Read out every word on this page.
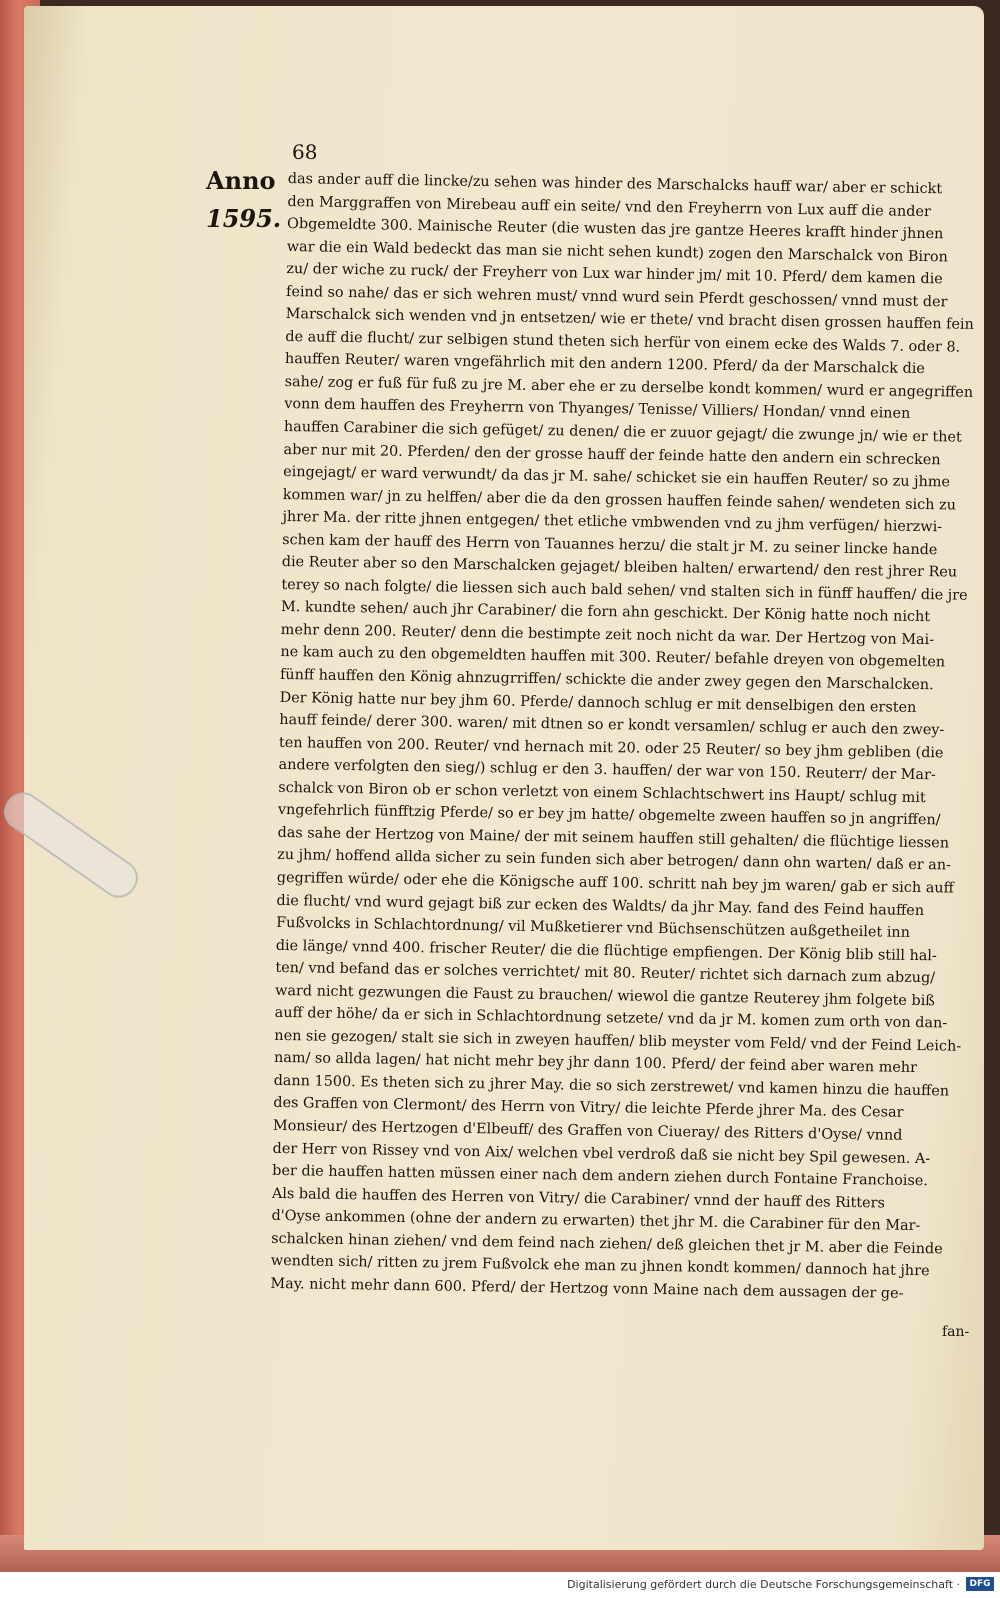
68
Anno
1595.
das ander auff die lincke/zu sehen was hinder des Marschalcks hauff war/ aber er schickt
den Marggraffen von Mirebeau auff ein seite/ vnd den Freyherrn von Lux auff die ander
Obgemeldte 300. Mainische Reuter (die wusten das jre gantze Heeres krafft hinder jhnen
war die ein Wald bedeckt das man sie nicht sehen kundt) zogen den Marschalck von Biron
zu/ der wiche zu ruck/ der Freyherr von Lux war hinder jm/ mit 10. Pferd/ dem kamen die
feind so nahe/ das er sich wehren must/ vnnd wurd sein Pferdt geschossen/ vnnd must der
Marschalck sich wenden vnd jn entsetzen/ wie er thete/ vnd bracht disen grossen hauffen fein
de auff die flucht/ zur selbigen stund theten sich herfür von einem ecke des Walds 7. oder 8.
hauffen Reuter/ waren vngefährlich mit den andern 1200. Pferd/ da der Marschalck die
sahe/ zog er fuß für fuß zu jre M. aber ehe er zu derselbe kondt kommen/ wurd er angegriffen
vonn dem hauffen des Freyherrn von Thyanges/ Tenisse/ Villiers/ Hondan/ vnnd einen
hauffen Carabiner die sich gefüget/ zu denen/ die er zuuor gejagt/ die zwunge jn/ wie er thet
aber nur mit 20. Pferden/ den der grosse hauff der feinde hatte den andern ein schrecken
eingejagt/ er ward verwundt/ da das jr M. sahe/ schicket sie ein hauffen Reuter/ so zu jhme
kommen war/ jn zu helffen/ aber die da den grossen hauffen feinde sahen/ wendeten sich zu
jhrer Ma. der ritte jhnen entgegen/ thet etliche vmbwenden vnd zu jhm verfügen/ hierzwi-
schen kam der hauff des Herrn von Tauannes herzu/ die stalt jr M. zu seiner lincke hande
die Reuter aber so den Marschalcken gejaget/ bleiben halten/ erwartend/ den rest jhrer Reu
terey so nach folgte/ die liessen sich auch bald sehen/ vnd stalten sich in fünff hauffen/ die jre
M. kundte sehen/ auch jhr Carabiner/ die forn ahn geschickt. Der König hatte noch nicht
mehr denn 200. Reuter/ denn die bestimpte zeit noch nicht da war. Der Hertzog von Mai-
ne kam auch zu den obgemeldten hauffen mit 300. Reuter/ befahle dreyen von obgemelten
fünff hauffen den König ahnzugrriffen/ schickte die ander zwey gegen den Marschalcken.
Der König hatte nur bey jhm 60. Pferde/ dannoch schlug er mit denselbigen den ersten
hauff feinde/ derer 300. waren/ mit dtnen so er kondt versamlen/ schlug er auch den zwey-
ten hauffen von 200. Reuter/ vnd hernach mit 20. oder 25 Reuter/ so bey jhm gebliben (die
andere verfolgten den sieg/) schlug er den 3. hauffen/ der war von 150. Reuterr/ der Mar-
schalck von Biron ob er schon verletzt von einem Schlachtschwert ins Haupt/ schlug mit
vngefehrlich fünfftzig Pferde/ so er bey jm hatte/ obgemelte zween hauffen so jn angriffen/
das sahe der Hertzog von Maine/ der mit seinem hauffen still gehalten/ die flüchtige liessen
zu jhm/ hoffend allda sicher zu sein funden sich aber betrogen/ dann ohn warten/ daß er an-
gegriffen würde/ oder ehe die Königsche auff 100. schritt nah bey jm waren/ gab er sich auff
die flucht/ vnd wurd gejagt biß zur ecken des Waldts/ da jhr May. fand des Feind hauffen
Fußvolcks in Schlachtordnung/ vil Mußketierer vnd Büchsenschützen außgetheilet inn
die länge/ vnnd 400. frischer Reuter/ die die flüchtige empfiengen. Der König blib still hal-
ten/ vnd befand das er solches verrichtet/ mit 80. Reuter/ richtet sich darnach zum abzug/
ward nicht gezwungen die Faust zu brauchen/ wiewol die gantze Reuterey jhm folgete biß
auff der höhe/ da er sich in Schlachtordnung setzete/ vnd da jr M. komen zum orth von dan-
nen sie gezogen/ stalt sie sich in zweyen hauffen/ blib meyster vom Feld/ vnd der Feind Leich-
nam/ so allda lagen/ hat nicht mehr bey jhr dann 100. Pferd/ der feind aber waren mehr
dann 1500. Es theten sich zu jhrer May. die so sich zerstrewet/ vnd kamen hinzu die hauffen
des Graffen von Clermont/ des Herrn von Vitry/ die leichte Pferde jhrer Ma. des Cesar
Monsieur/ des Hertzogen d'Elbeuff/ des Graffen von Ciueray/ des Ritters d'Oyse/ vnnd
der Herr von Rissey vnd von Aix/ welchen vbel verdroß daß sie nicht bey Spil gewesen. A-
ber die hauffen hatten müssen einer nach dem andern ziehen durch Fontaine Franchoise.
Als bald die hauffen des Herren von Vitry/ die Carabiner/ vnnd der hauff des Ritters
d'Oyse ankommen (ohne der andern zu erwarten) thet jhr M. die Carabiner für den Mar-
schalcken hinan ziehen/ vnd dem feind nach ziehen/ deß gleichen thet jr M. aber die Feinde
wendten sich/ ritten zu jrem Fußvolck ehe man zu jhnen kondt kommen/ dannoch hat jhre
May. nicht mehr dann 600. Pferd/ der Hertzog vonn Maine nach dem aussagen der ge-
fan-
Digitalisierung gefördert durch die Deutsche Forschungsgemeinschaft ·	DFG
